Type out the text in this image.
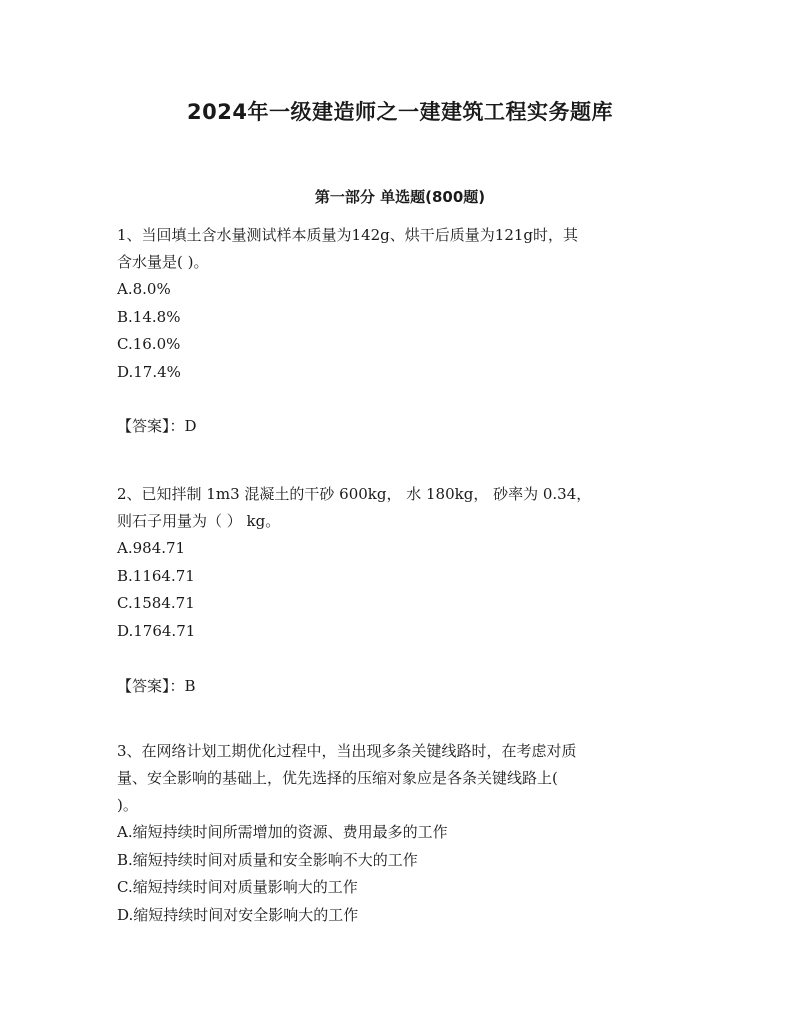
2024年一级建造师之一建建筑工程实务题库
第一部分 单选题(800题)

1、当回填土含水量测试样本质量为142g、烘干后质量为121g时，其

含水量是( )。

A.8.0%

B.14.8%

C.16.0%

D.17.4%

【答案】：D

2、已知拌制 1m3 混凝土的干砂 600kg， 水 180kg， 砂率为 0.34，

则石子用量为（ ） kg。

A.984.71

B.1164.71

C.1584.71

D.1764.71

【答案】：B

3、在网络计划工期优化过程中，当出现多条关键线路时，在考虑对质

量、安全影响的基础上，优先选择的压缩对象应是各条关键线路上(

)。

A.缩短持续时间所需增加的资源、费用最多的工作

B.缩短持续时间对质量和安全影响不大的工作

C.缩短持续时间对质量影响大的工作

D.缩短持续时间对安全影响大的工作
